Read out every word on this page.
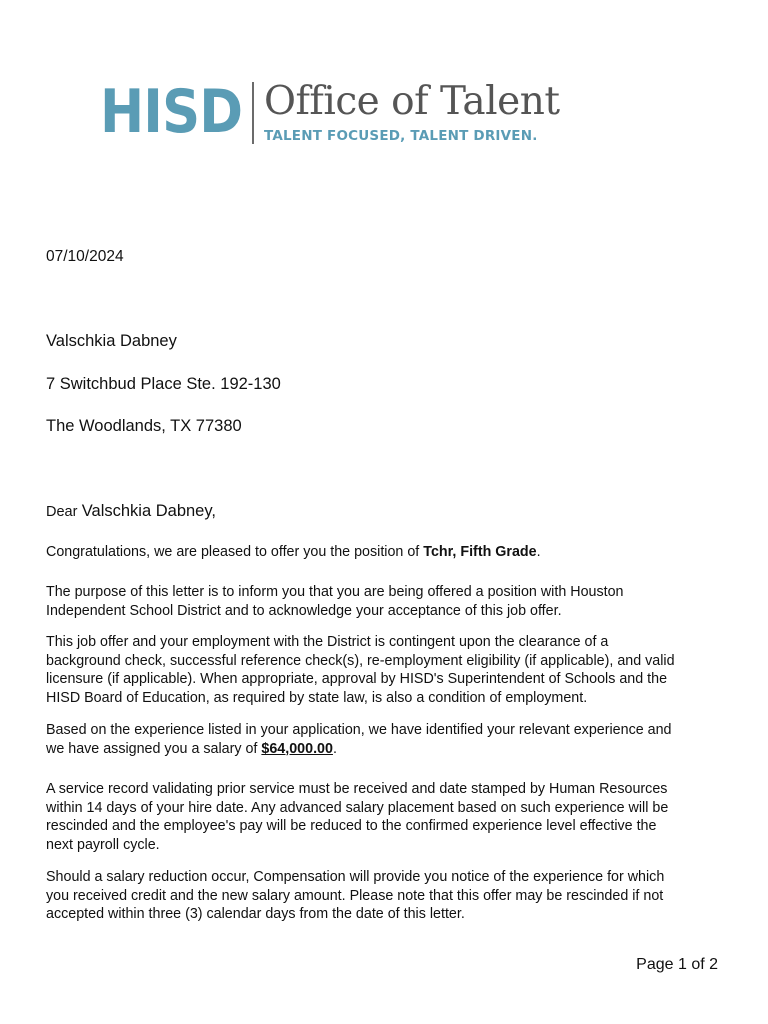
HISD Office of Talent
TALENT FOCUSED, TALENT DRIVEN.
07/10/2024
Valschkia Dabney
7 Switchbud Place Ste. 192-130
The Woodlands, TX 77380
Dear Valschkia Dabney,
Congratulations, we are pleased to offer you the position of Tchr, Fifth Grade.
The purpose of this letter is to inform you that you are being offered a position with Houston
Independent School District and to acknowledge your acceptance of this job offer.
This job offer and your employment with the District is contingent upon the clearance of a
background check, successful reference check(s), re-employment eligibility (if applicable), and valid
licensure (if applicable). When appropriate, approval by HISD's Superintendent of Schools and the
HISD Board of Education, as required by state law, is also a condition of employment.
Based on the experience listed in your application, we have identified your relevant experience and
we have assigned you a salary of $64,000.00.
A service record validating prior service must be received and date stamped by Human Resources
within 14 days of your hire date. Any advanced salary placement based on such experience will be
rescinded and the employee's pay will be reduced to the confirmed experience level effective the
next payroll cycle.
Should a salary reduction occur, Compensation will provide you notice of the experience for which
you received credit and the new salary amount. Please note that this offer may be rescinded if not
accepted within three (3) calendar days from the date of this letter.
Page 1 of 2
